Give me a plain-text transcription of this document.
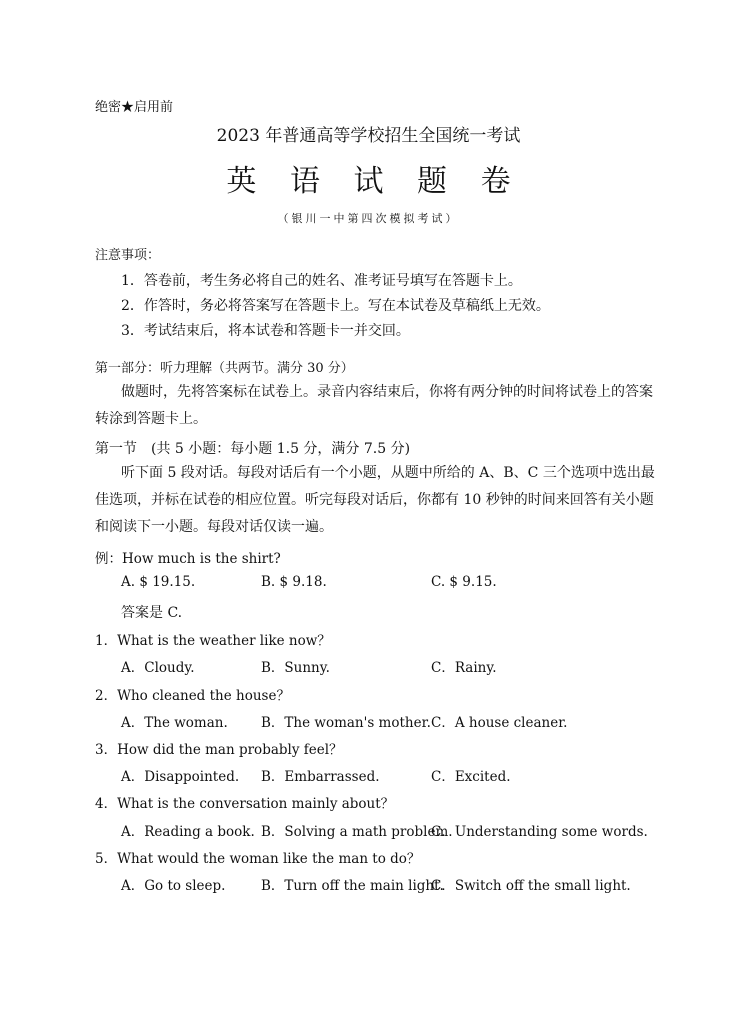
绝密★启用前
2023 年普通高等学校招生全国统一考试
英 语 试 题 卷
（银川一中第四次模拟考试）
注意事项：
1．答卷前，考生务必将自己的姓名、准考证号填写在答题卡上。
2．作答时，务必将答案写在答题卡上。写在本试卷及草稿纸上无效。
3．考试结束后，将本试卷和答题卡一并交回。
第一部分：听力理解（共两节。满分 30 分）
做题时，先将答案标在试卷上。录音内容结束后，你将有两分钟的时间将试卷上的答案转涂到答题卡上。
第一节　(共 5 小题：每小题 1.5 分，满分 7.5 分)
听下面 5 段对话。每段对话后有一个小题，从题中所给的 A、B、C 三个选项中选出最佳选项，并标在试卷的相应位置。听完每段对话后，你都有 10 秒钟的时间来回答有关小题和阅读下一小题。每段对话仅读一遍。
例：How much is the shirt?
A. $ 19.15.	B. $ 9.18.	C. $ 9.15.
答案是 C.
1．What is the weather like now？
A．Cloudy.	B．Sunny.	C．Rainy.
2．Who cleaned the house？
A．The woman. B．The woman's mother. C．A house cleaner.
3．How did the man probably feel？
A．Disappointed. B．Embarrassed.	C．Excited.
4．What is the conversation mainly about？
A．Reading a book. B．Solving a math problem.
C．Understanding some words.
5．What would the woman like the man to do？
A．Go to sleep.	B．Turn off the main light.
C．Switch off the small light.
